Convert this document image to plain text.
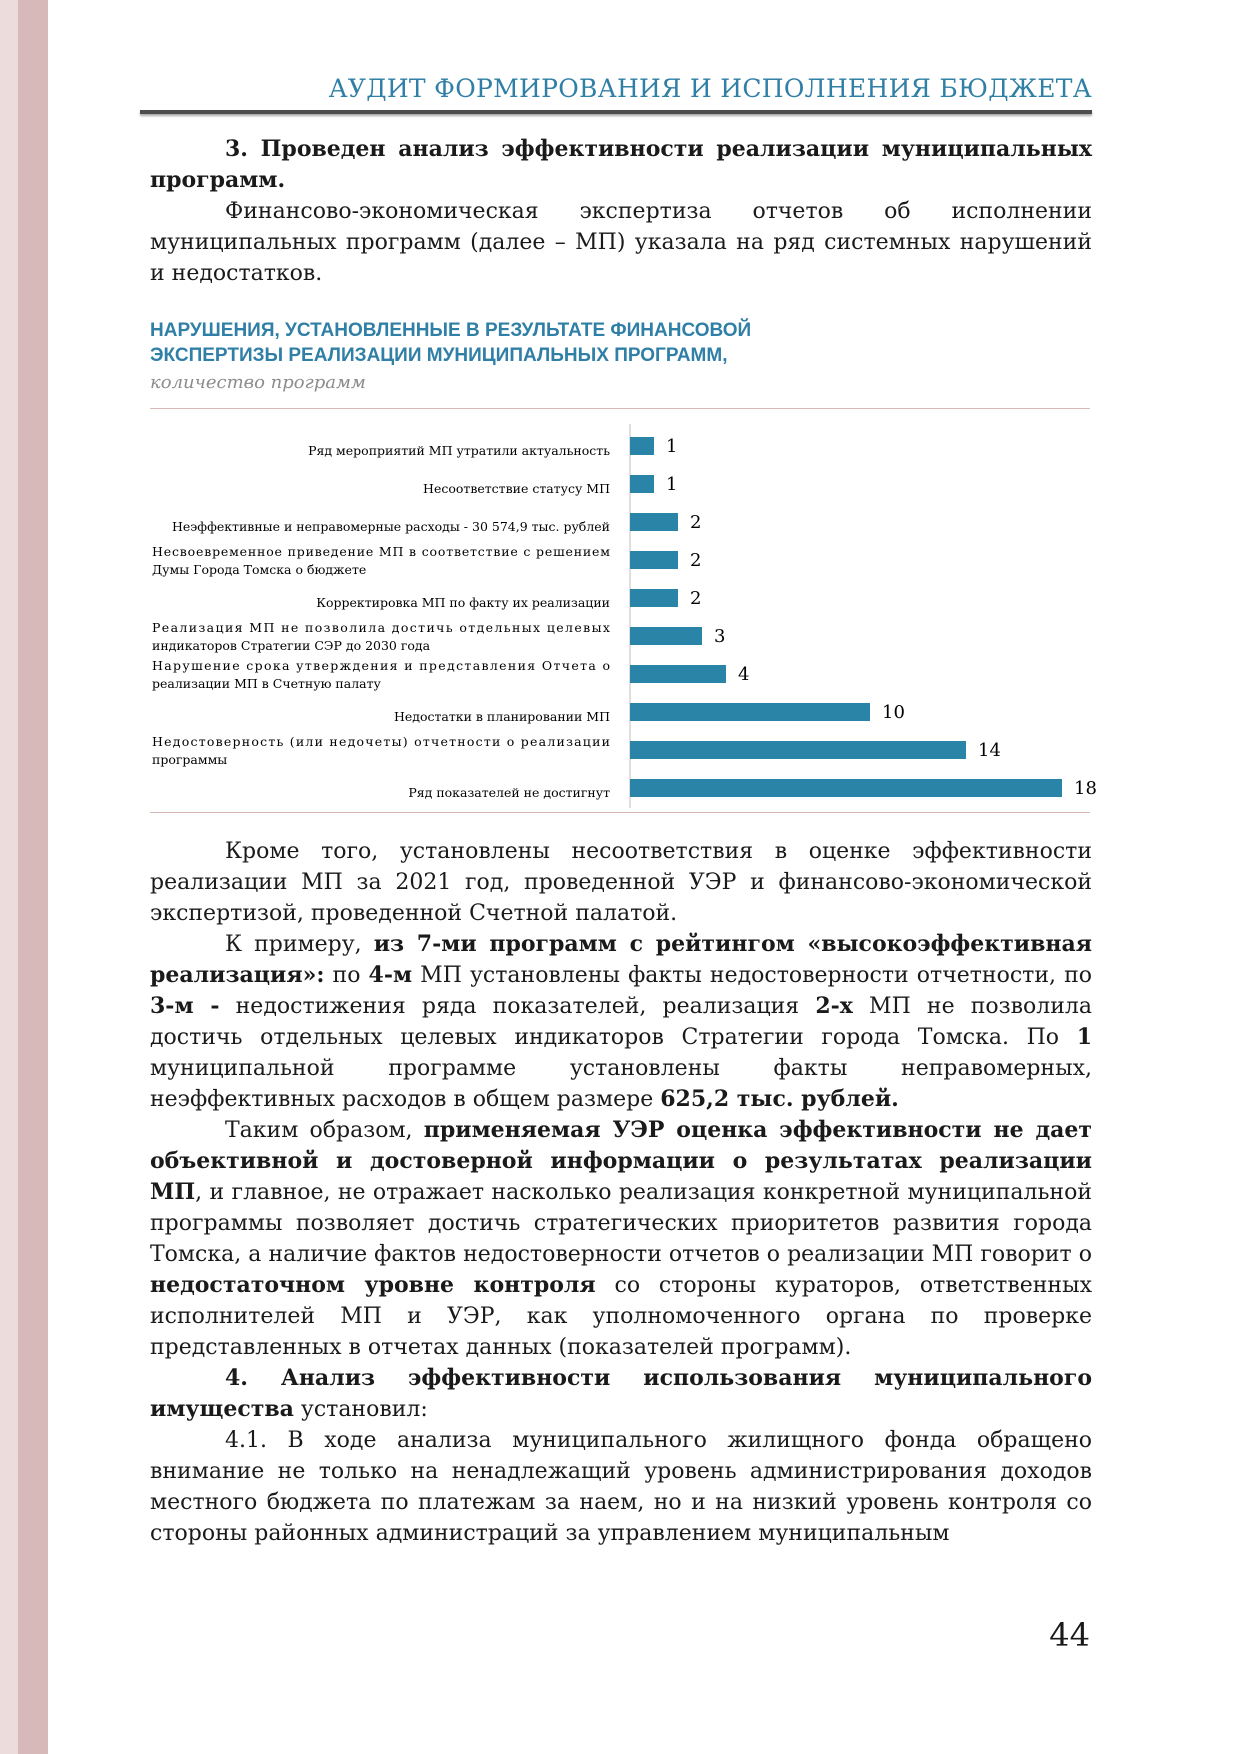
АУДИТ ФОРМИРОВАНИЯ И ИСПОЛНЕНИЯ БЮДЖЕТА

3. Проведен анализ эффективности реализации муниципальных программ.

Финансово-экономическая экспертиза отчетов об исполнении муниципальных программ (далее – МП) указала на ряд системных нарушений и недостатков.

НАРУШЕНИЯ, УСТАНОВЛЕННЫЕ В РЕЗУЛЬТАТЕ ФИНАНСОВОЙ
ЭКСПЕРТИЗЫ РЕАЛИЗАЦИИ МУНИЦИПАЛЬНЫХ ПРОГРАММ,
количество программ
1
Ряд мероприятий МП утратили актуальность
1
Несоответствие статусу МП
2
Неэффективные и неправомерные расходы - 30 574,9 тыс. рублей
2
Несвоевременное приведение МП в соответствие с решением
Думы Города Томска о бюджете
2
Корректировка МП по факту их реализации
3
Реализация МП не позволила достичь отдельных целевых
индикаторов Стратегии СЭР до 2030 года
4
Нарушение срока утверждения и представления Отчета о
реализации МП в Счетную палату
10
Недостатки в планировании МП
14
Недостоверность (или недочеты) отчетности о реализации
программы
18
Ряд показателей не достигнут

Кроме того, установлены несоответствия в оценке эффективности реализации МП за 2021 год, проведенной УЭР и финансово-экономической экспертизой, проведенной Счетной палатой.

К примеру, из 7-ми программ с рейтингом «высокоэффективная реализация»: по 4-м МП установлены факты недостоверности отчетности, по 3-м - недостижения ряда показателей, реализация 2-х МП не позволила достичь отдельных целевых индикаторов Стратегии города Томска. По 1 муниципальной программе установлены факты неправомерных, неэффективных расходов в общем размере 625,2 тыс. рублей.

Таким образом, применяемая УЭР оценка эффективности не дает объективной и достоверной информации о результатах реализации МП, и главное, не отражает насколько реализация конкретной муниципальной программы позволяет достичь стратегических приоритетов развития города Томска, а наличие фактов недостоверности отчетов о реализации МП говорит о недостаточном уровне контроля со стороны кураторов, ответственных исполнителей МП и УЭР, как уполномоченного органа по проверке представленных в отчетах данных (показателей программ).

4. Анализ эффективности использования муниципального имущества установил:

4.1. В ходе анализа муниципального жилищного фонда обращено внимание не только на ненадлежащий уровень администрирования доходов местного бюджета по платежам за наем, но и на низкий уровень контроля со стороны районных администраций за управлением муниципальным

44
